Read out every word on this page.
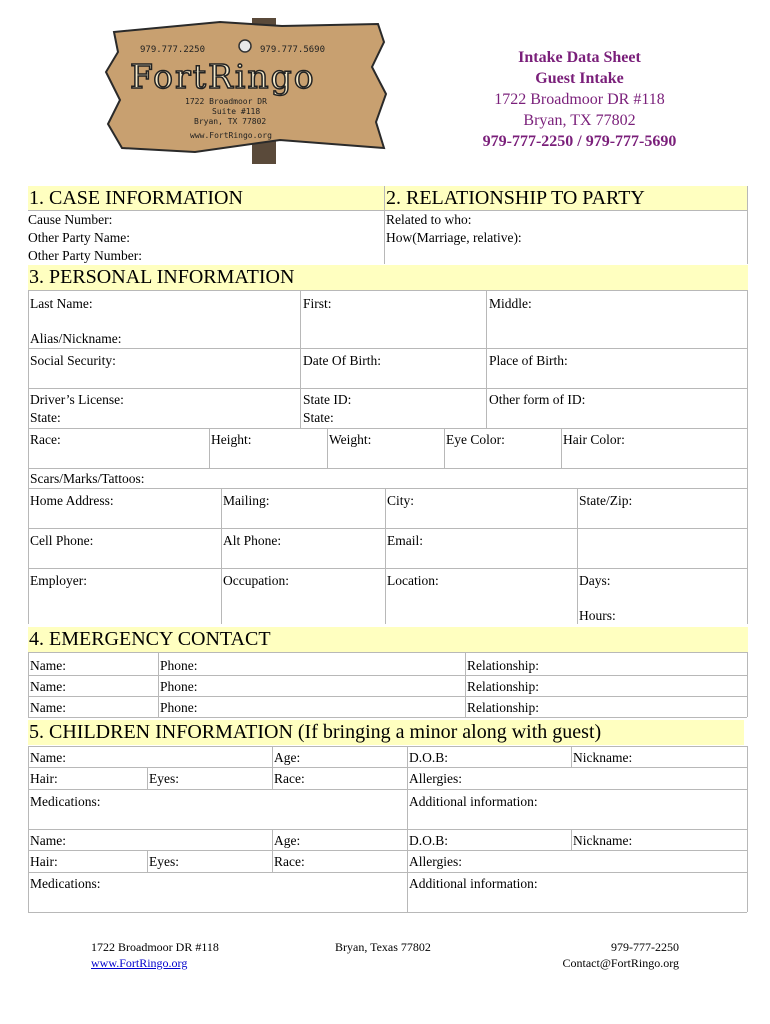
979.777.2250	979.777.5690
FortRingo
1722 Broadmoor DR
Suite #118
Bryan, TX 77802
www.FortRingo.org
Intake Data Sheet
Guest Intake
1722 Broadmoor DR #118
Bryan, TX 77802
979-777-2250 / 979-777-5690
1. CASE INFORMATION	2. RELATIONSHIP TO PARTY
Cause Number:
Other Party Name:
Other Party Number:
Related to who:
How(Marriage, relative):
3. PERSONAL INFORMATION
Last Name:	First:	Middle:
Alias/Nickname:
Social Security:	Date Of Birth:	Place of Birth:
Driver’s License:
State:
State ID:
State:
Other form of ID:
Race:	Height:	Weight:	Eye Color:	Hair Color:
Scars/Marks/Tattoos:
Home Address:	Mailing:	City:	State/Zip:
Cell Phone:	Alt Phone:	Email:
Employer:	Occupation:	Location:	Days:
Hours:
4. EMERGENCY CONTACT
Name:	Phone:	Relationship:
Name:	Phone:	Relationship:
Name:	Phone:	Relationship:
5. CHILDREN INFORMATION (If bringing a minor along with guest)
Name:	Age:	D.O.B:	Nickname:
Hair:	Eyes:	Race:	Allergies:
Medications:	Additional information:
Name:	Age:	D.O.B:	Nickname:
Hair:	Eyes:	Race:	Allergies:
Medications:	Additional information:
1722 Broadmoor DR #118
www.FortRingo.org
Bryan, Texas 77802	979-777-2250
Contact@FortRingo.org
